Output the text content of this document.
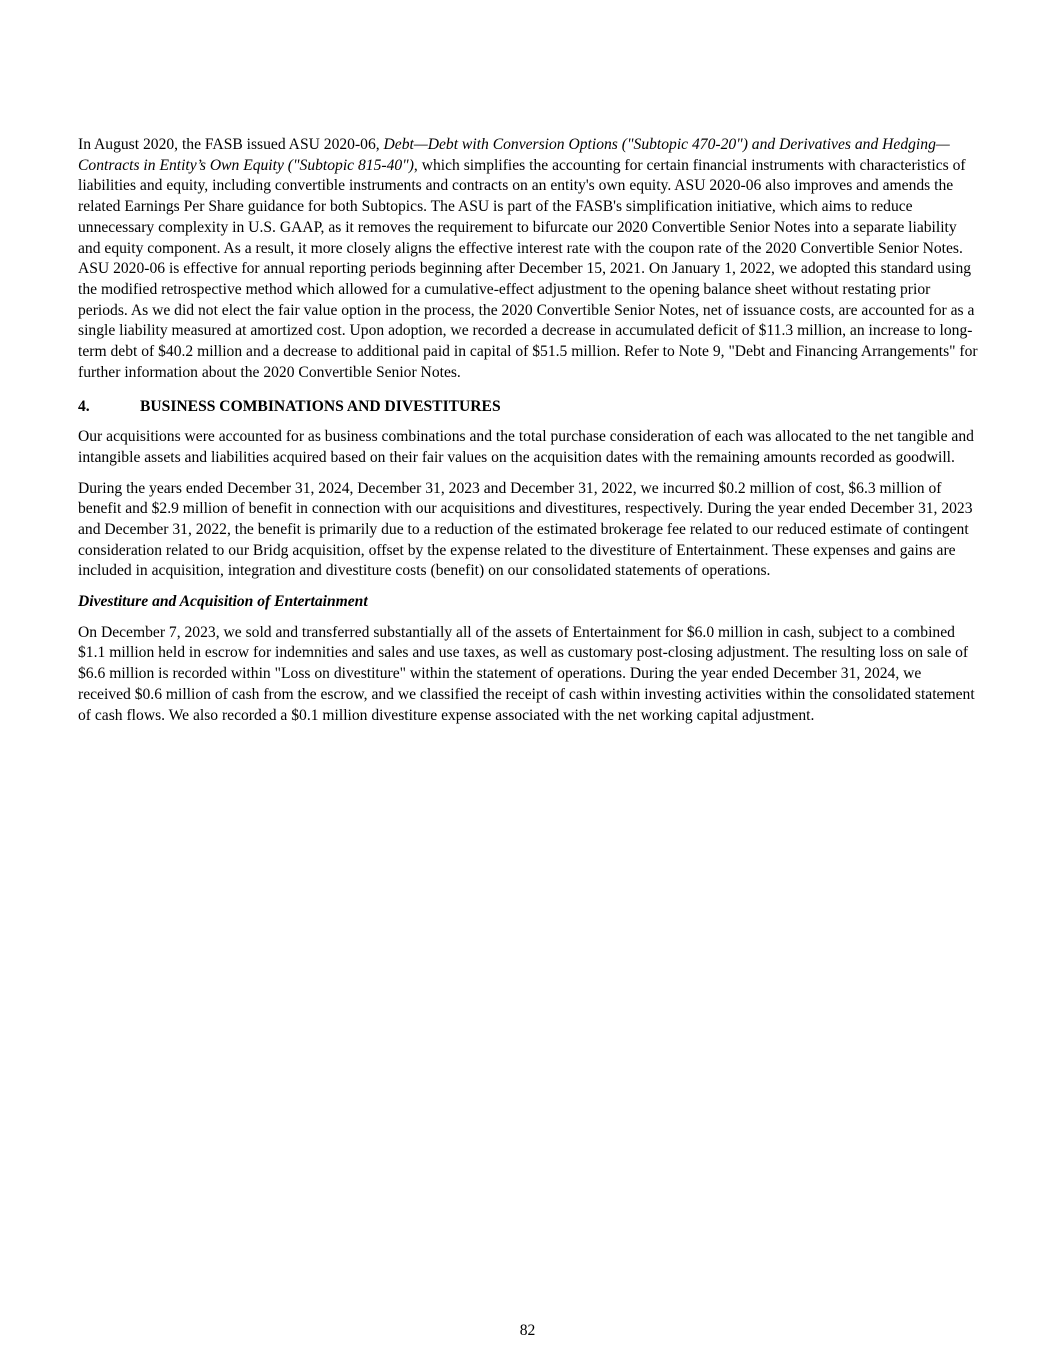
In August 2020, the FASB issued ASU 2020-06, Debt—Debt with Conversion Options ("Subtopic 470-20") and Derivatives and Hedging—Contracts in Entity’s Own Equity ("Subtopic 815-40"), which simplifies the accounting for certain financial instruments with characteristics of liabilities and equity, including convertible instruments and contracts on an entity's own equity. ASU 2020-06 also improves and amends the related Earnings Per Share guidance for both Subtopics. The ASU is part of the FASB's simplification initiative, which aims to reduce unnecessary complexity in U.S. GAAP, as it removes the requirement to bifurcate our 2020 Convertible Senior Notes into a separate liability and equity component. As a result, it more closely aligns the effective interest rate with the coupon rate of the 2020 Convertible Senior Notes. ASU 2020-06 is effective for annual reporting periods beginning after December 15, 2021. On January 1, 2022, we adopted this standard using the modified retrospective method which allowed for a cumulative-effect adjustment to the opening balance sheet without restating prior periods. As we did not elect the fair value option in the process, the 2020 Convertible Senior Notes, net of issuance costs, are accounted for as a single liability measured at amortized cost. Upon adoption, we recorded a decrease in accumulated deficit of $11.3 million, an increase to long-term debt of $40.2 million and a decrease to additional paid in capital of $51.5 million. Refer to Note 9, "Debt and Financing Arrangements" for further information about the 2020 Convertible Senior Notes.

4.	BUSINESS COMBINATIONS AND DIVESTITURES

Our acquisitions were accounted for as business combinations and the total purchase consideration of each was allocated to the net tangible and intangible assets and liabilities acquired based on their fair values on the acquisition dates with the remaining amounts recorded as goodwill.

During the years ended December 31, 2024, December 31, 2023 and December 31, 2022, we incurred $0.2 million of cost, $6.3 million of benefit and $2.9 million of benefit in connection with our acquisitions and divestitures, respectively. During the year ended December 31, 2023 and December 31, 2022, the benefit is primarily due to a reduction of the estimated brokerage fee related to our reduced estimate of contingent consideration related to our Bridg acquisition, offset by the expense related to the divestiture of Entertainment. These expenses and gains are included in acquisition, integration and divestiture costs (benefit) on our consolidated statements of operations.

Divestiture and Acquisition of Entertainment

On December 7, 2023, we sold and transferred substantially all of the assets of Entertainment for $6.0 million in cash, subject to a combined $1.1 million held in escrow for indemnities and sales and use taxes, as well as customary post-closing adjustment. The resulting loss on sale of $6.6 million is recorded within "Loss on divestiture" within the statement of operations. During the year ended December 31, 2024, we received $0.6 million of cash from the escrow, and we classified the receipt of cash within investing activities within the consolidated statement of cash flows. We also recorded a $0.1 million divestiture expense associated with the net working capital adjustment.

82
